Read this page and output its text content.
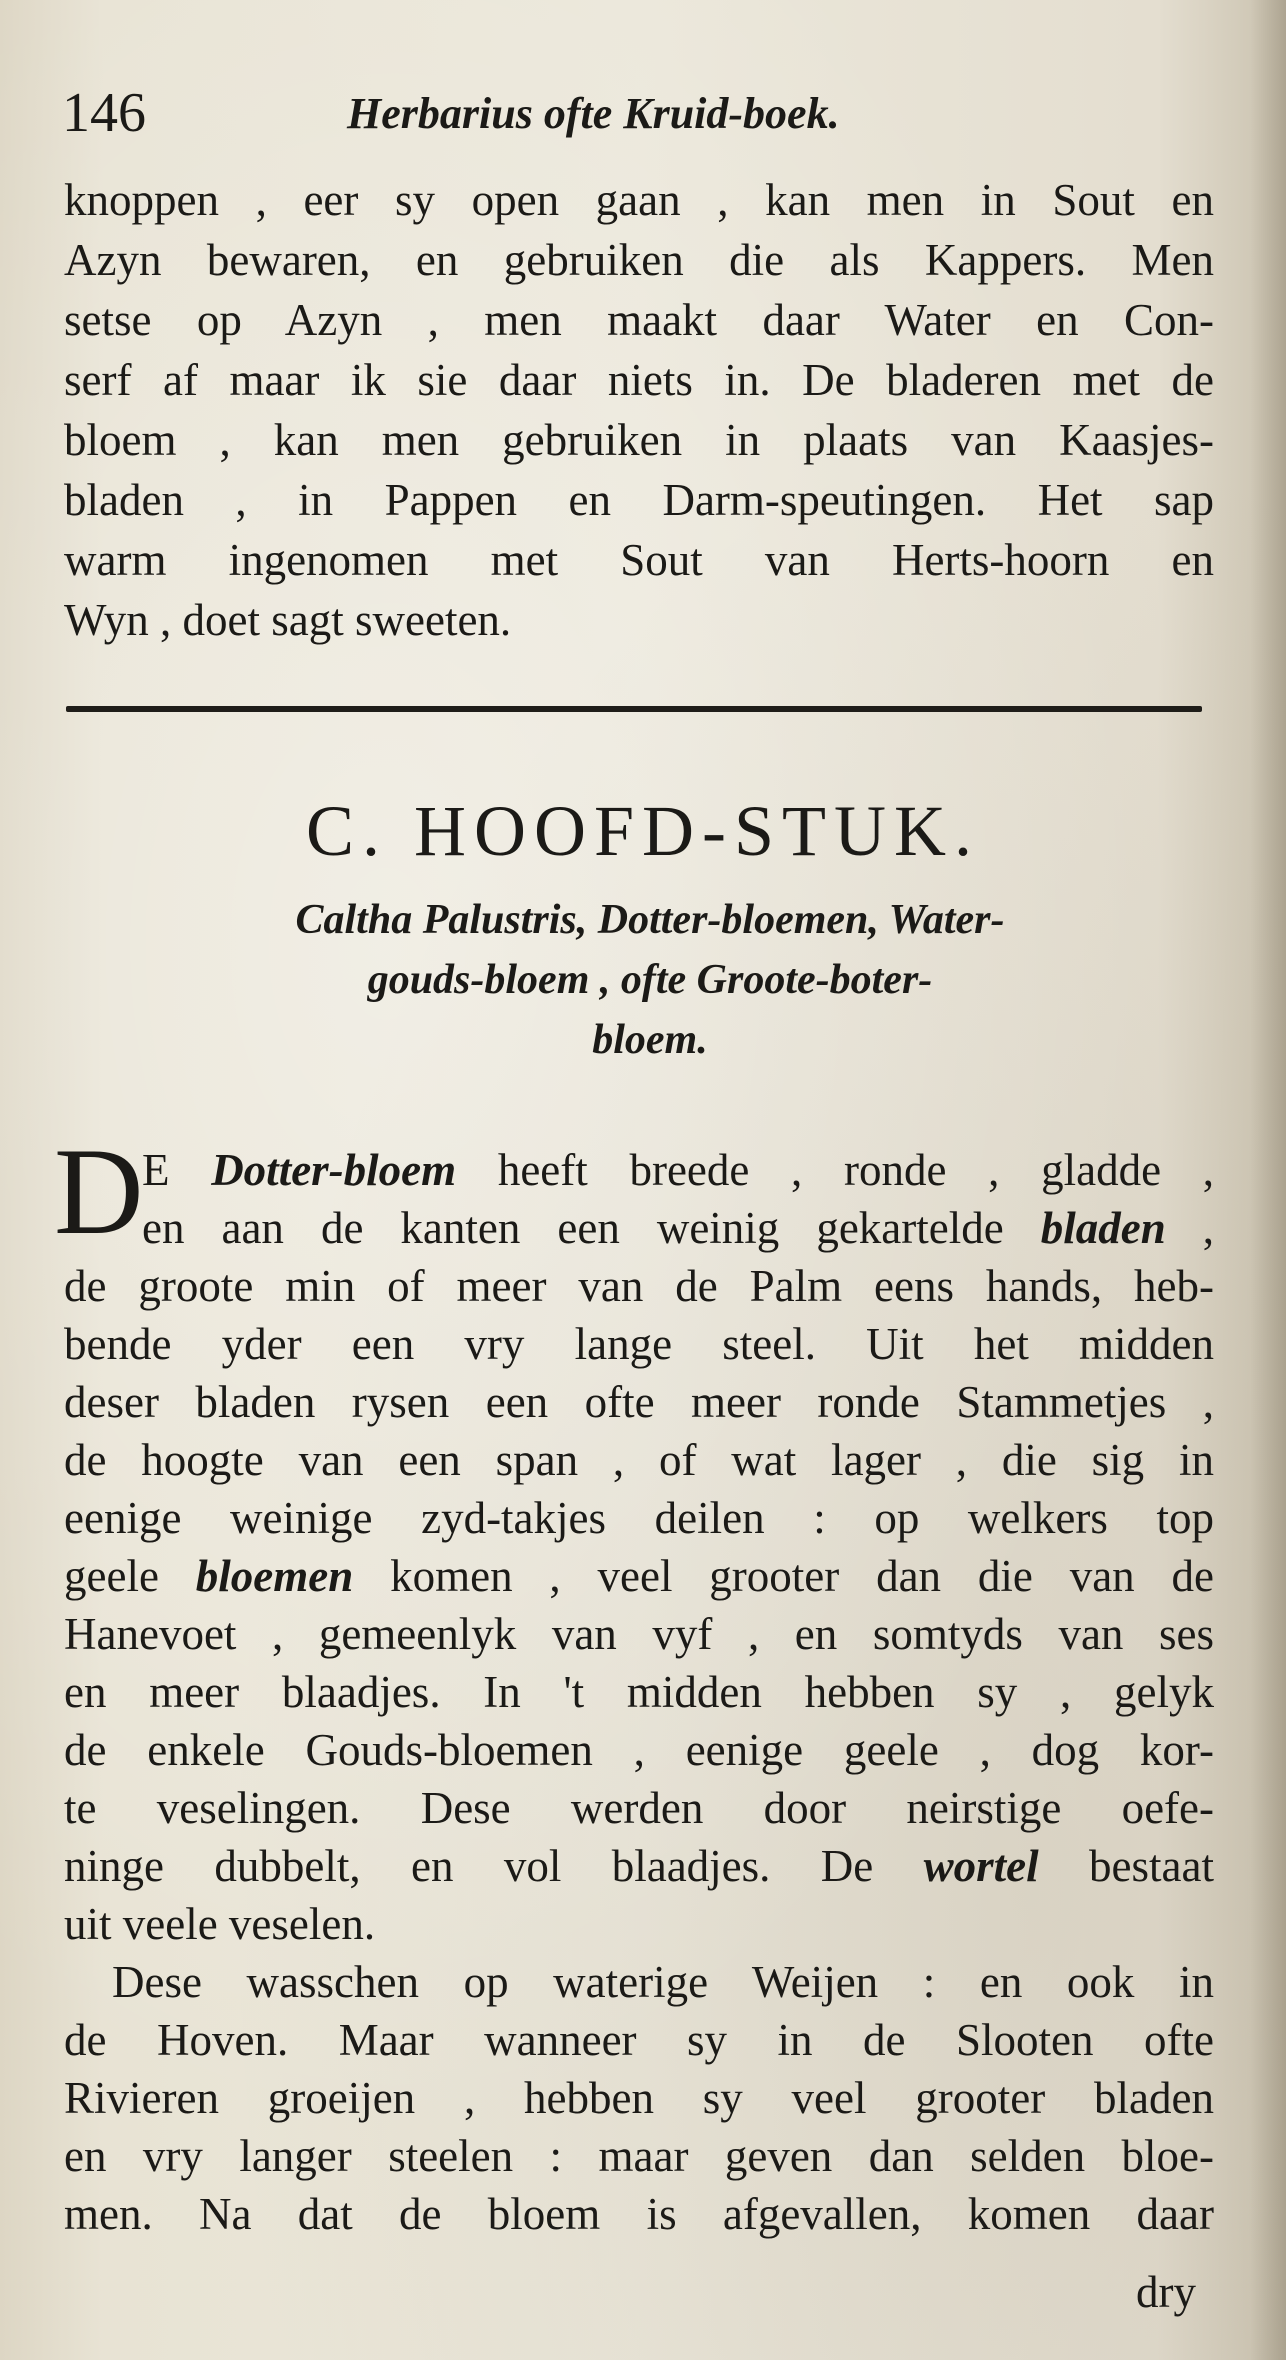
146	Herbarius ofte Kruid-boek.
knoppen , eer sy open gaan , kan men in Sout en
Azyn bewaren, en gebruiken die als Kappers. Men
setse op Azyn , men maakt daar Water en Con-
serf af maar ik sie daar niets in. De bladeren met de
bloem , kan men gebruiken in plaats van Kaasjes-
bladen , in Pappen en Darm-speutingen. Het sap
warm ingenomen met Sout van Herts-hoorn en
Wyn , doet sagt sweeten.
C. HOOFD-STUK.
Caltha Palustris, Dotter-bloemen, Water-
gouds-bloem , ofte Groote-boter-
bloem.
D
E Dotter-bloem heeft breede , ronde , gladde ,
en aan de kanten een weinig gekartelde bladen ,
de groote min of meer van de Palm eens hands, heb-
bende yder een vry lange steel. Uit het midden
deser bladen rysen een ofte meer ronde Stammetjes ,
de hoogte van een span , of wat lager , die sig in
eenige weinige zyd-takjes deilen : op welkers top
geele bloemen komen , veel grooter dan die van de
Hanevoet , gemeenlyk van vyf , en somtyds van ses
en meer blaadjes. In 't midden hebben sy , gelyk
de enkele Gouds-bloemen , eenige geele , dog kor-
te veselingen. Dese werden door neirstige oefe-
ninge dubbelt, en vol blaadjes. De wortel bestaat
uit veele veselen.
Dese wasschen op waterige Weijen : en ook in
de Hoven. Maar wanneer sy in de Slooten ofte
Rivieren groeijen , hebben sy veel grooter bladen
en vry langer steelen : maar geven dan selden bloe-
men. Na dat de bloem is afgevallen, komen daar
dry
